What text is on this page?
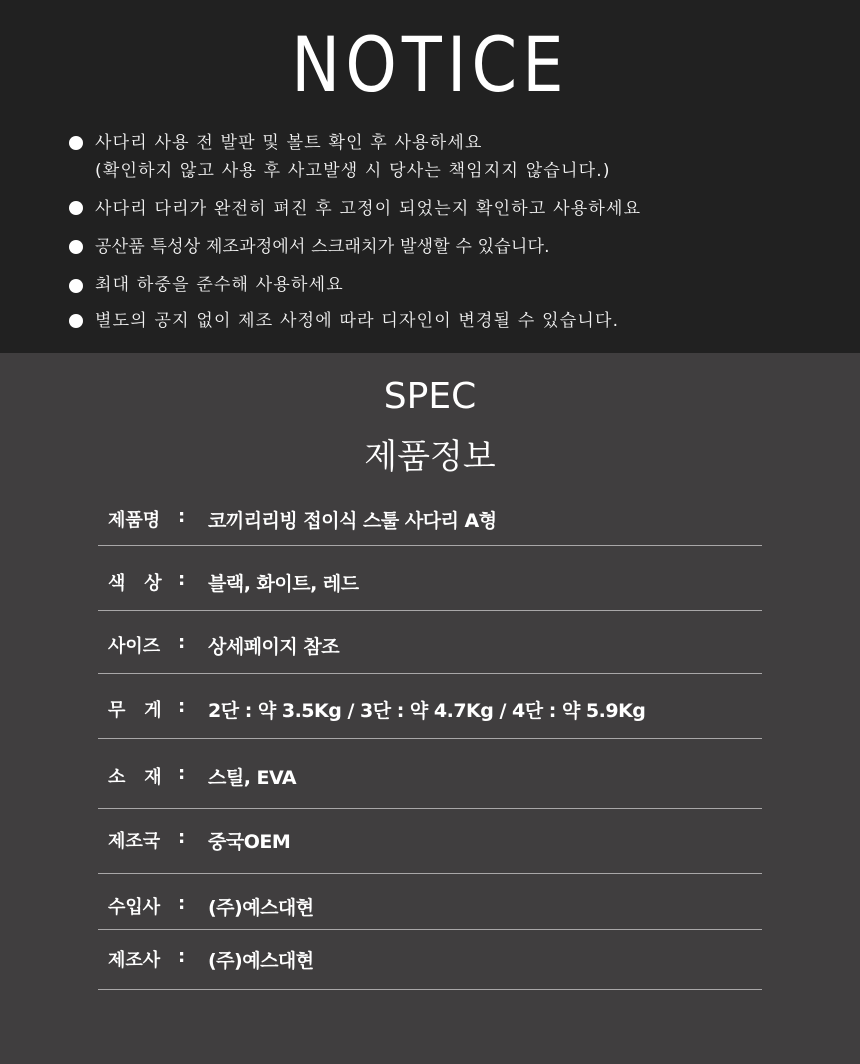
NOTICE
사다리 사용 전 발판 및 볼트 확인 후 사용하세요
(확인하지 않고 사용 후 사고발생 시 당사는 책임지지 않습니다.)
사다리 다리가 완전히 펴진 후 고정이 되었는지 확인하고 사용하세요
공산품 특성상 제조과정에서 스크래치가 발생할 수 있습니다.
최대 하중을 준수해 사용하세요
별도의 공지 없이 제조 사정에 따라 디자인이 변경될 수 있습니다.
SPEC
제품정보
제품명 : 코끼리리빙 접이식 스툴 사다리 A형
색   상 : 블랙, 화이트, 레드
사이즈 : 상세페이지 참조
무   게 : 2단 : 약 3.5Kg / 3단 : 약 4.7Kg / 4단 : 약 5.9Kg
소   재 : 스틸, EVA
제조국 : 중국OEM
수입사 : (주)예스대현
제조사 : (주)예스대현
